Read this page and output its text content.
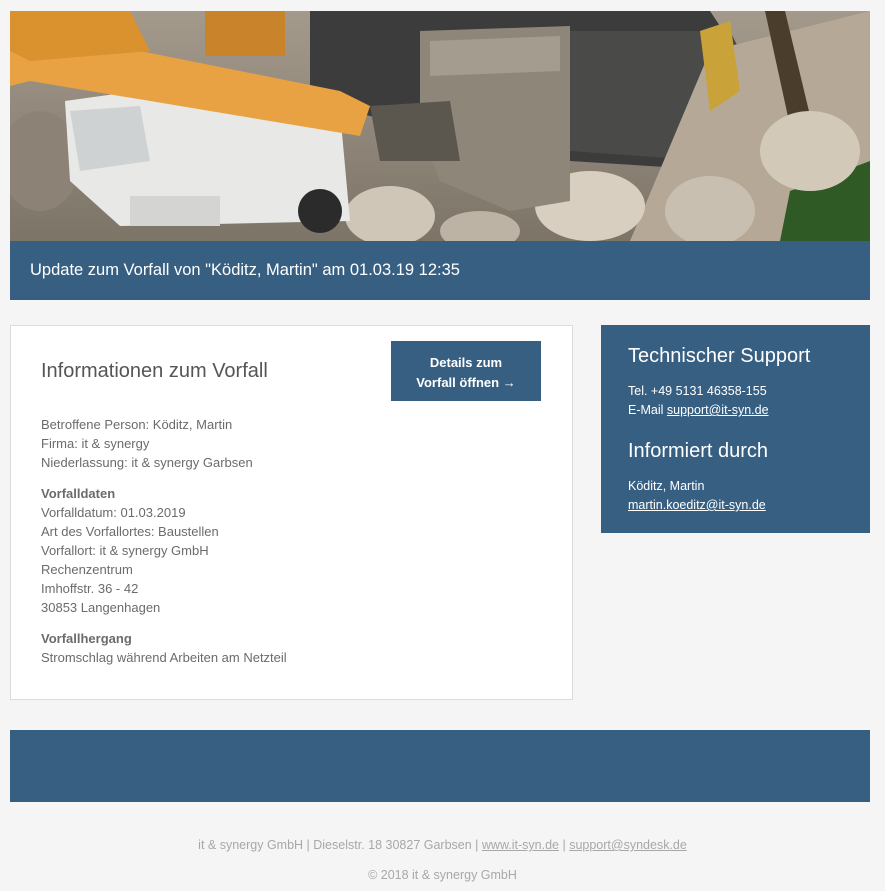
Update zum Vorfall von "Köditz, Martin" am 01.03.19 12:35
Informationen zum Vorfall	Details zum
Vorfall öffnen →
Betroffene Person: Köditz, Martin
Firma: it & synergy
Niederlassung: it & synergy Garbsen
Vorfalldaten
Vorfalldatum: 01.03.2019
Art des Vorfallortes: Baustellen
Vorfallort: it & synergy GmbH
Rechenzentrum
Imhoffstr. 36 - 42
30853 Langenhagen
Vorfallhergang
Stromschlag während Arbeiten am Netzteil
Technischer Support
Tel. +49 5131 46358-155
E-Mail support@it-syn.de
Informiert durch
Köditz, Martin
martin.koeditz@it-syn.de
it & synergy GmbH | Dieselstr. 18 30827 Garbsen | www.it-syn.de | support@syndesk.de
© 2018 it & synergy GmbH
